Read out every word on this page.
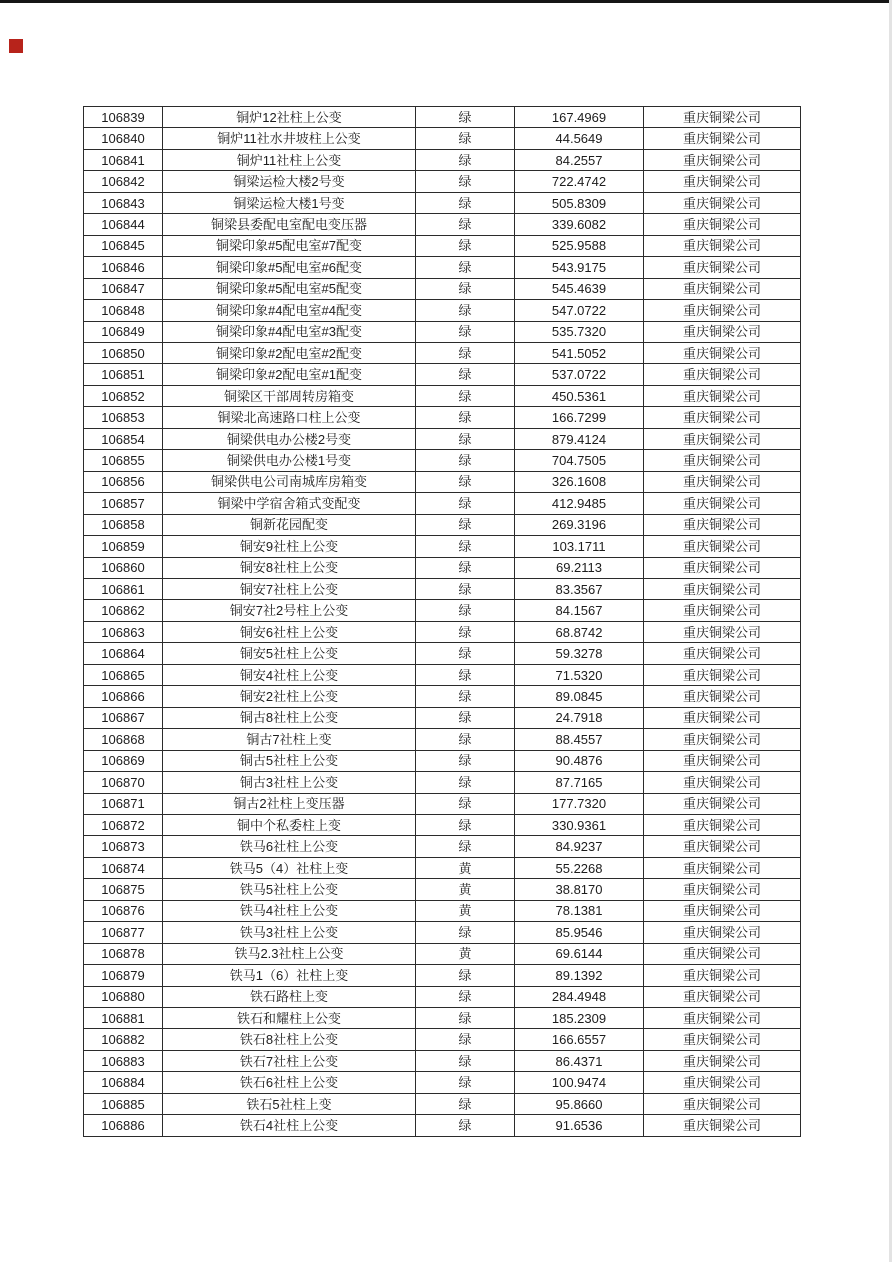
106839	铜炉12社柱上公变	绿	167.4969	重庆铜梁公司
106840	铜炉11社水井坡柱上公变	绿	44.5649	重庆铜梁公司
106841	铜炉11社柱上公变	绿	84.2557	重庆铜梁公司
106842	铜梁运检大楼2号变	绿	722.4742	重庆铜梁公司
106843	铜梁运检大楼1号变	绿	505.8309	重庆铜梁公司
106844	铜梁县委配电室配电变压器	绿	339.6082	重庆铜梁公司
106845	铜梁印象#5配电室#7配变	绿	525.9588	重庆铜梁公司
106846	铜梁印象#5配电室#6配变	绿	543.9175	重庆铜梁公司
106847	铜梁印象#5配电室#5配变	绿	545.4639	重庆铜梁公司
106848	铜梁印象#4配电室#4配变	绿	547.0722	重庆铜梁公司
106849	铜梁印象#4配电室#3配变	绿	535.7320	重庆铜梁公司
106850	铜梁印象#2配电室#2配变	绿	541.5052	重庆铜梁公司
106851	铜梁印象#2配电室#1配变	绿	537.0722	重庆铜梁公司
106852	铜梁区干部周转房箱变	绿	450.5361	重庆铜梁公司
106853	铜梁北高速路口柱上公变	绿	166.7299	重庆铜梁公司
106854	铜梁供电办公楼2号变	绿	879.4124	重庆铜梁公司
106855	铜梁供电办公楼1号变	绿	704.7505	重庆铜梁公司
106856	铜梁供电公司南城库房箱变	绿	326.1608	重庆铜梁公司
106857	铜梁中学宿舍箱式变配变	绿	412.9485	重庆铜梁公司
106858	铜新花园配变	绿	269.3196	重庆铜梁公司
106859	铜安9社柱上公变	绿	103.1711	重庆铜梁公司
106860	铜安8社柱上公变	绿	69.2113	重庆铜梁公司
106861	铜安7社柱上公变	绿	83.3567	重庆铜梁公司
106862	铜安7社2号柱上公变	绿	84.1567	重庆铜梁公司
106863	铜安6社柱上公变	绿	68.8742	重庆铜梁公司
106864	铜安5社柱上公变	绿	59.3278	重庆铜梁公司
106865	铜安4社柱上公变	绿	71.5320	重庆铜梁公司
106866	铜安2社柱上公变	绿	89.0845	重庆铜梁公司
106867	铜古8社柱上公变	绿	24.7918	重庆铜梁公司
106868	铜古7社柱上变	绿	88.4557	重庆铜梁公司
106869	铜古5社柱上公变	绿	90.4876	重庆铜梁公司
106870	铜古3社柱上公变	绿	87.7165	重庆铜梁公司
106871	铜古2社柱上变压器	绿	177.7320	重庆铜梁公司
106872	铜中个私委柱上变	绿	330.9361	重庆铜梁公司
106873	铁马6社柱上公变	绿	84.9237	重庆铜梁公司
106874	铁马5（4）社柱上变	黄	55.2268	重庆铜梁公司
106875	铁马5社柱上公变	黄	38.8170	重庆铜梁公司
106876	铁马4社柱上公变	黄	78.1381	重庆铜梁公司
106877	铁马3社柱上公变	绿	85.9546	重庆铜梁公司
106878	铁马2.3社柱上公变	黄	69.6144	重庆铜梁公司
106879	铁马1（6）社柱上变	绿	89.1392	重庆铜梁公司
106880	铁石路柱上变	绿	284.4948	重庆铜梁公司
106881	铁石和耀柱上公变	绿	185.2309	重庆铜梁公司
106882	铁石8社柱上公变	绿	166.6557	重庆铜梁公司
106883	铁石7社柱上公变	绿	86.4371	重庆铜梁公司
106884	铁石6社柱上公变	绿	100.9474	重庆铜梁公司
106885	铁石5社柱上变	绿	95.8660	重庆铜梁公司
106886	铁石4社柱上公变	绿	91.6536	重庆铜梁公司
